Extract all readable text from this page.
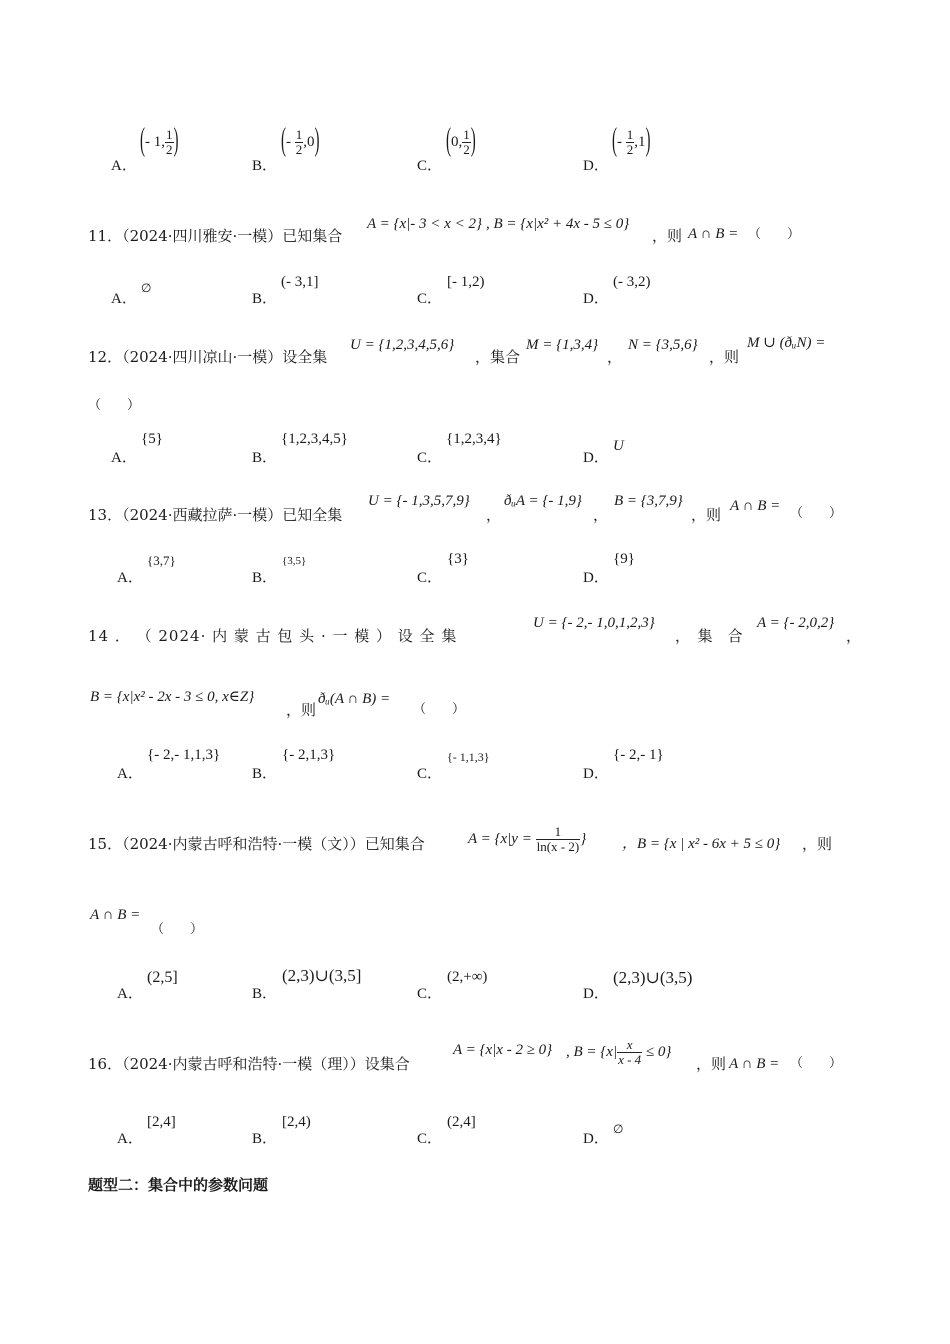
A．
(- 1, $\frac{1}{2}$ )
B．
(- $\frac{1}{2} ,0$)
C．
(0, $\frac{1}{2}$ )
D．
(- $\frac{1}{2} ,1$)
11．（2024·四川雅安·一模）已知集合
A = {x|- 3 < x < 2} , B = {x|x² + 4x - 5 ≤ 0}
，则 A ∩ B = （　　）
A．
∅
B．
(- 3,1]
C．
[- 1,2)
D．
(- 3,2)
12．（2024·四川凉山·一模）设全集
U = {1,2,3,4,5,6}
，集合
M = {1,3,4}
，
N = {3,5,6}
，则
M ∪ (ðᵤN) =
（　　）
A．
{5}
B．
{1,2,3,4,5}
C．
{1,2,3,4}
D．
U
13．（2024·西藏拉萨·一模）已知全集
U = {- 1,3,5,7,9}
，
ðᵤA = {- 1,9}
，
B = {3,7,9}
，则 A ∩ B = （　　）
A．
{3,7}
B．
{3,5}
C．
{3}
D．
{9}
14 ． （ 2024· 内 蒙 古 包 头 · 一 模 ） 设 全 集
U = {- 2,- 1,0,1,2,3}
，　集　合
A = {- 2,0,2}
，
B = {x|x² - 2x - 3 ≤ 0, x∈Z}
，则
ðᵤ(A ∩ B) =
（　　）
A．
{- 2,- 1,1,3}
B．
{- 2,1,3}
C．
{- 1,1,3}
D．
{- 2,- 1}
15．（2024·内蒙古呼和浩特·一模（文））已知集合	$A = \{x|y = \frac{1}{\ln(x - 2)}$ } ，B = {x | x² - 6x + 5 ≤ 0} ，则
A ∩ B =
（　　）
A．
(2,5]
B．
(2,3)∪(3,5]
C．
(2,+∞)
D．
(2,3)∪(3,5)
16．（2024·内蒙古呼和浩特·一模（理））设集合
A = {x|x - 2 ≥ 0} , $B = \{x| \frac{x}{x - 4} \le 0\}$
，则 A ∩ B = （　　）
A．
[2,4]
B．
[2,4)
C．
(2,4]
D．
∅
题型二：集合中的参数问题
